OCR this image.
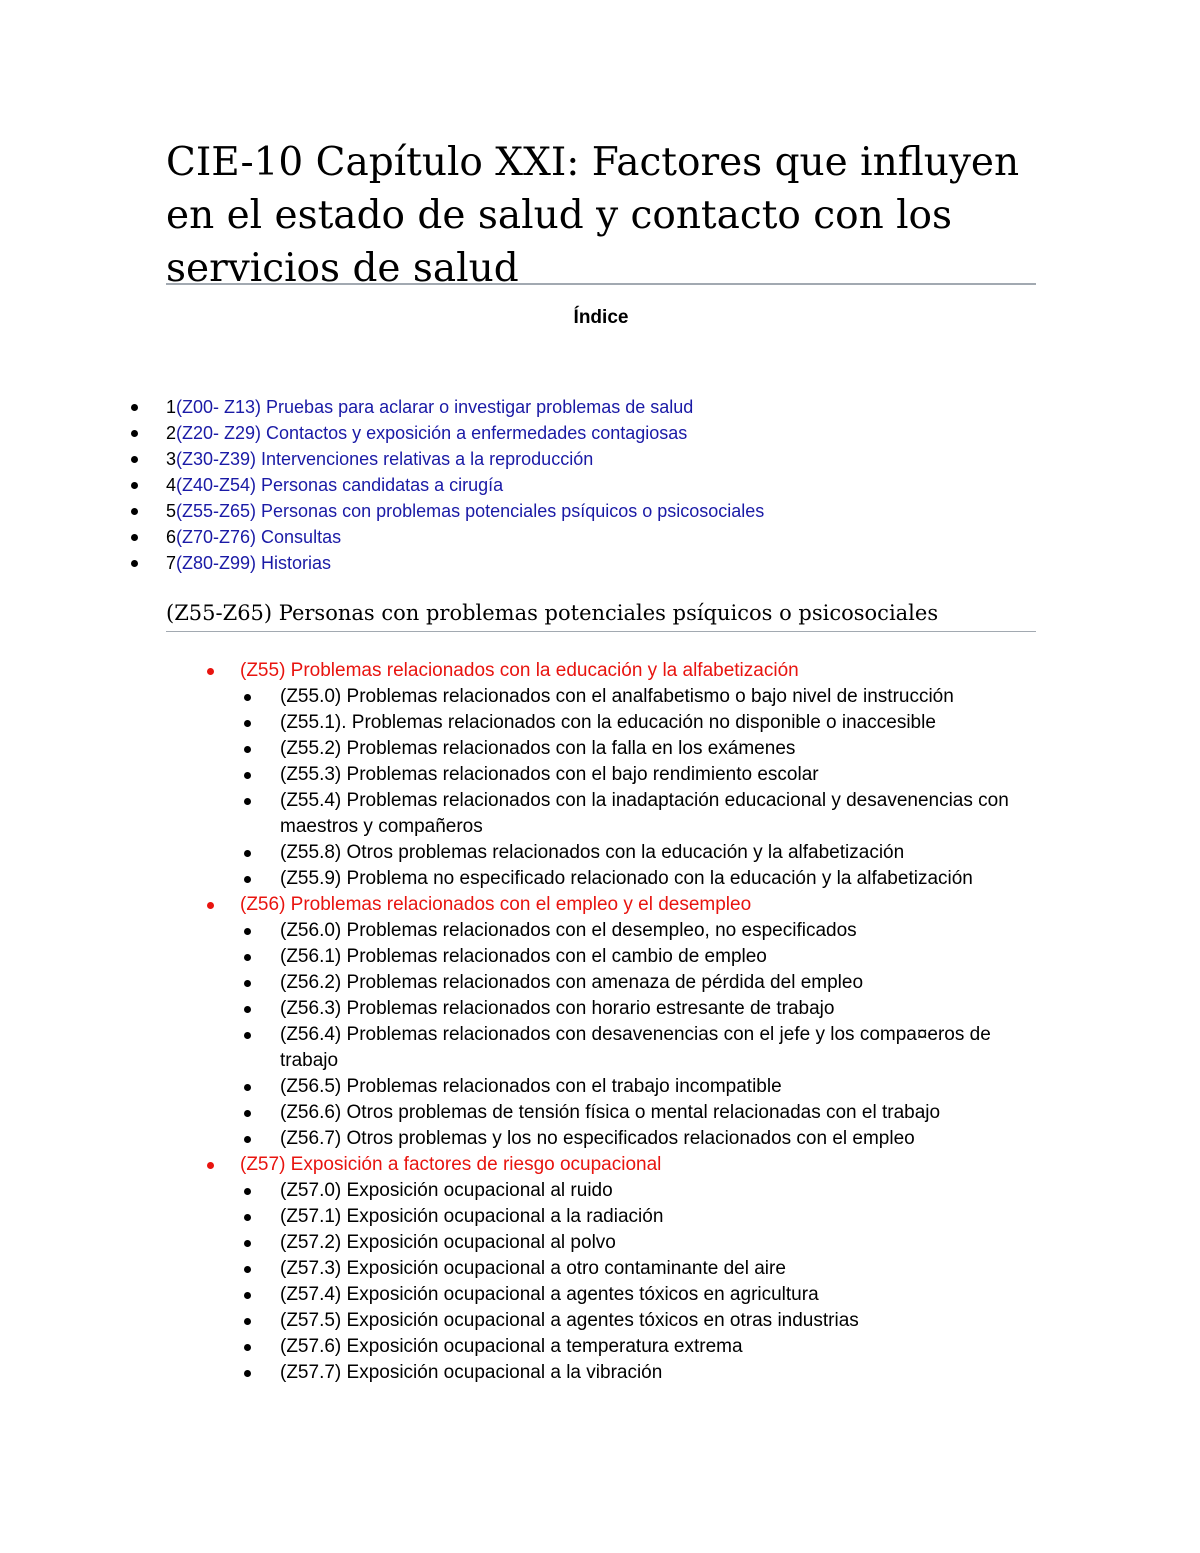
CIE-10 Capítulo XXI: Factores que influyen en el estado de salud y contacto con los servicios de salud
Índice
1(Z00- Z13) Pruebas para aclarar o investigar problemas de salud
2(Z20- Z29) Contactos y exposición a enfermedades contagiosas
3(Z30-Z39) Intervenciones relativas a la reproducción
4(Z40-Z54) Personas candidatas a cirugía
5(Z55-Z65) Personas con problemas potenciales psíquicos o psicosociales
6(Z70-Z76) Consultas
7(Z80-Z99) Historias
(Z55-Z65) Personas con problemas potenciales psíquicos o psicosociales
(Z55) Problemas relacionados con la educación y la alfabetización
(Z55.0) Problemas relacionados con el analfabetismo o bajo nivel de instrucción
(Z55.1). Problemas relacionados con la educación no disponible o inaccesible
(Z55.2) Problemas relacionados con la falla en los exámenes
(Z55.3) Problemas relacionados con el bajo rendimiento escolar
(Z55.4) Problemas relacionados con la inadaptación educacional y desavenencias con maestros y compañeros
(Z55.8) Otros problemas relacionados con la educación y la alfabetización
(Z55.9) Problema no especificado relacionado con la educación y la alfabetización
(Z56) Problemas relacionados con el empleo y el desempleo
(Z56.0) Problemas relacionados con el desempleo, no especificados
(Z56.1) Problemas relacionados con el cambio de empleo
(Z56.2) Problemas relacionados con amenaza de pérdida del empleo
(Z56.3) Problemas relacionados con horario estresante de trabajo
(Z56.4) Problemas relacionados con desavenencias con el jefe y los compa¤eros de trabajo
(Z56.5) Problemas relacionados con el trabajo incompatible
(Z56.6) Otros problemas de tensión física o mental relacionadas con el trabajo
(Z56.7) Otros problemas y los no especificados relacionados con el empleo
(Z57) Exposición a factores de riesgo ocupacional
(Z57.0) Exposición ocupacional al ruido
(Z57.1) Exposición ocupacional a la radiación
(Z57.2) Exposición ocupacional al polvo
(Z57.3) Exposición ocupacional a otro contaminante del aire
(Z57.4) Exposición ocupacional a agentes tóxicos en agricultura
(Z57.5) Exposición ocupacional a agentes tóxicos en otras industrias
(Z57.6) Exposición ocupacional a temperatura extrema
(Z57.7) Exposición ocupacional a la vibración
